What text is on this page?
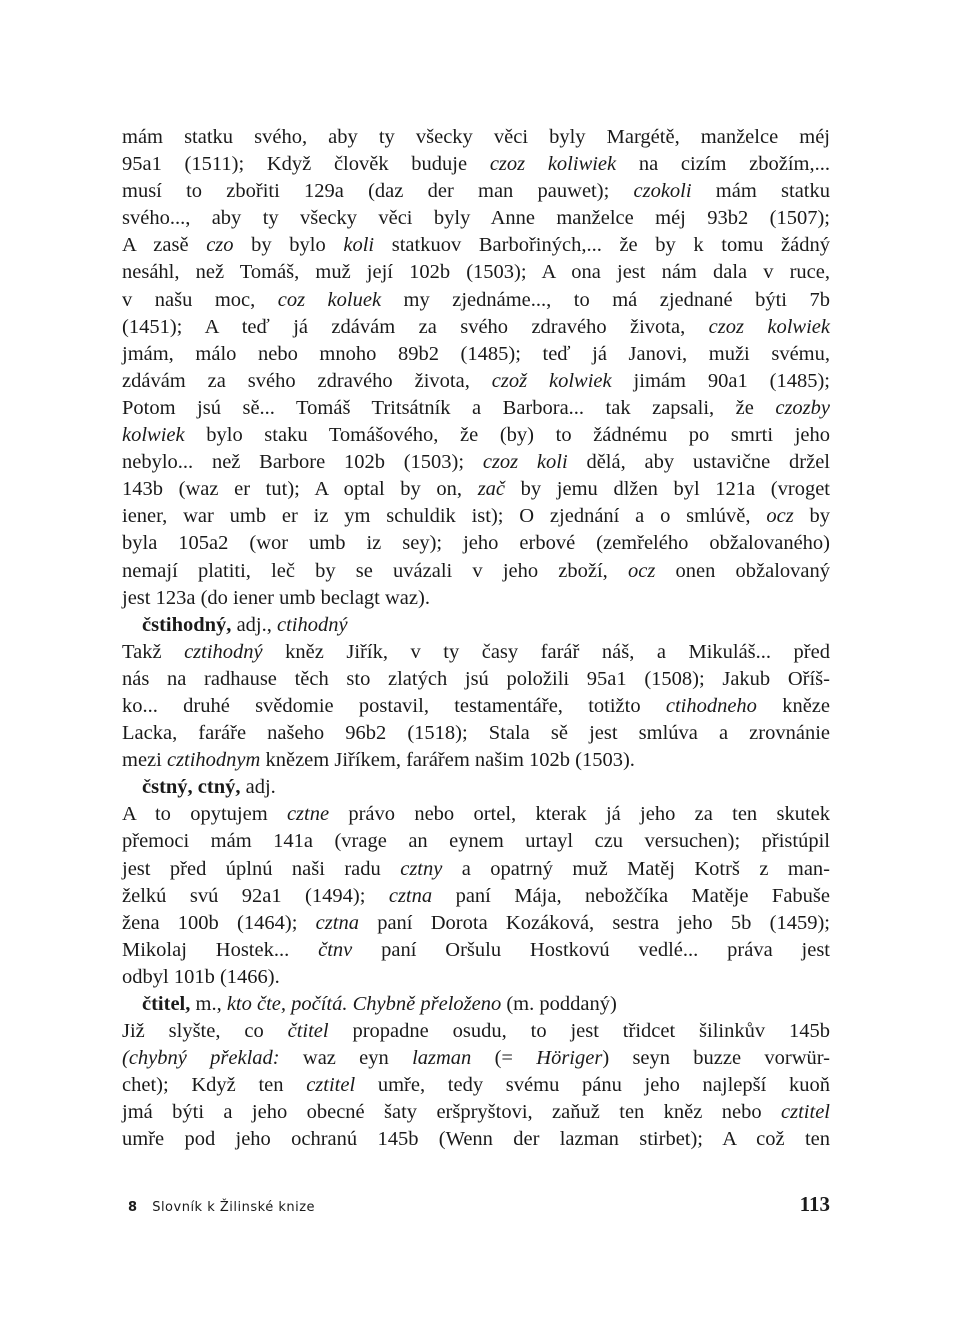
mám statku svého, aby ty všecky věci byly Margétě, manželce méj
95a1 (1511); Když člověk buduje czoz koliwiek na cizím zbožím,...
musí to zbořiti 129a (daz der man pauwet); czokoli mám statku
svého..., aby ty všecky věci byly Anne manželce méj 93b2 (1507);
A zasě czo by bylo koli statkuov Barbořiných,... že by k tomu žádný
nesáhl, než Tomáš, muž její 102b (1503); A ona jest nám dala v ruce,
v našu moc, coz koluek my zjednáme..., to má zjednané býti 7b
(1451); A teď já zdávám za svého zdravého života, czoz kolwiek
jmám, málo nebo mnoho 89b2 (1485); teď já Janovi, muži svému,
zdávám za svého zdravého života, czož kolwiek jimám 90a1 (1485);
Potom jsú sě... Tomáš Tritsátník a Barbora... tak zapsali, že czozby
kolwiek bylo staku Tomášového, že (by) to žádnému po smrti jeho
nebylo... než Barbore 102b (1503); czoz koli dělá, aby ustavične držel
143b (waz er tut); A optal by on, zač by jemu dlžen byl 121a (vroget
iener, war umb er iz ym schuldik ist); O zjednání a o smlúvě, ocz by
byla 105a2 (wor umb iz sey); jeho erbové (zemřelého obžalovaného)
nemají platiti, leč by se uvázali v jeho zboží, ocz onen obžalovaný
jest 123a (do iener umb beclagt waz).
čstihodný, adj., ctihodný
Takž cztihodný kněz Jiřík, v ty časy farář náš, a Mikuláš... před
nás na radhause těch sto zlatých jsú položili 95a1 (1508); Jakub Oříš-
ko... druhé svědomie postavil, testamentáře, totižto ctihodneho kněze
Lacka, faráře našeho 96b2 (1518); Stala sě jest smlúva a zrovnánie
mezi cztihodnym knězem Jiříkem, farářem našim 102b (1503).
čstný, ctný, adj.
A to opytujem cztne právo nebo ortel, kterak já jeho za ten skutek
přemoci mám 141a (vrage an eynem urtayl czu versuchen); přistúpil
jest před úplnú naši radu cztny a opatrný muž Matěj Kotrš z man-
želkú svú 92a1 (1494); cztna paní Mája, nebožčíka Matěje Fabuše
žena 100b (1464); cztna paní Dorota Kozáková, sestra jeho 5b (1459);
Mikolaj Hostek... čtnv paní Oršulu Hostkovú vedlé... práva jest
odbyl 101b (1466).
čtitel, m., kto čte, počítá. Chybně přeloženo (m. poddaný)
Již slyšte, co čtitel propadne osudu, to jest třidcet šilinkův 145b
(chybný překlad: waz eyn lazman (= Höriger) seyn buzze vorwür-
chet); Když ten cztitel umře, tedy svému pánu jeho najlepší kuoň
jmá býti a jeho obecné šaty eršpryštovi, zaňuž ten kněz nebo cztitel
umře pod jeho ochranú 145b (Wenn der lazman stirbet); A což ten
8 Slovník k Žilinské knize	113
